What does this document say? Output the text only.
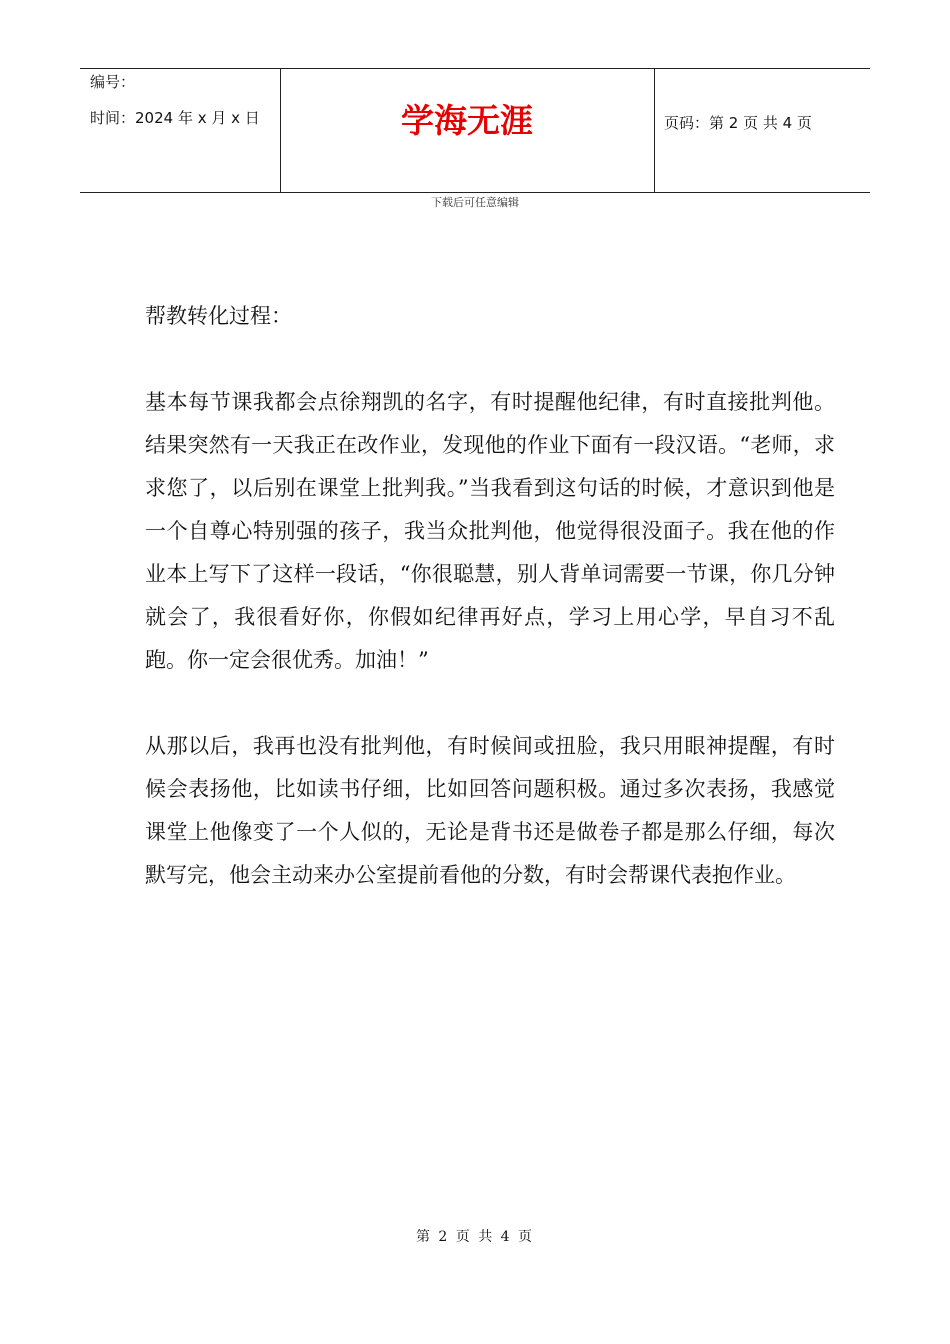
编号：
时间：2024 年 x 月 x 日	学海无涯	页码：第 2 页 共 4 页
下载后可任意编辑

帮教转化过程：

基本每节课我都会点徐翔凯的名字，有时提醒他纪律，有时直接批判他。结果突然有一天我正在改作业，发现他的作业下面有一段汉语。“老师，求求您了，以后别在课堂上批判我。”当我看到这句话的时候，才意识到他是一个自尊心特别强的孩子，我当众批判他，他觉得很没面子。我在他的作业本上写下了这样一段话，“你很聪慧，别人背单词需要一节课，你几分钟就会了，我很看好你，你假如纪律再好点，学习上用心学，早自习不乱跑。你一定会很优秀。加油！”

从那以后，我再也没有批判他，有时候间或扭脸，我只用眼神提醒，有时候会表扬他，比如读书仔细，比如回答问题积极。通过多次表扬，我感觉课堂上他像变了一个人似的，无论是背书还是做卷子都是那么仔细，每次默写完，他会主动来办公室提前看他的分数，有时会帮课代表抱作业。

第 2 页 共 4 页
